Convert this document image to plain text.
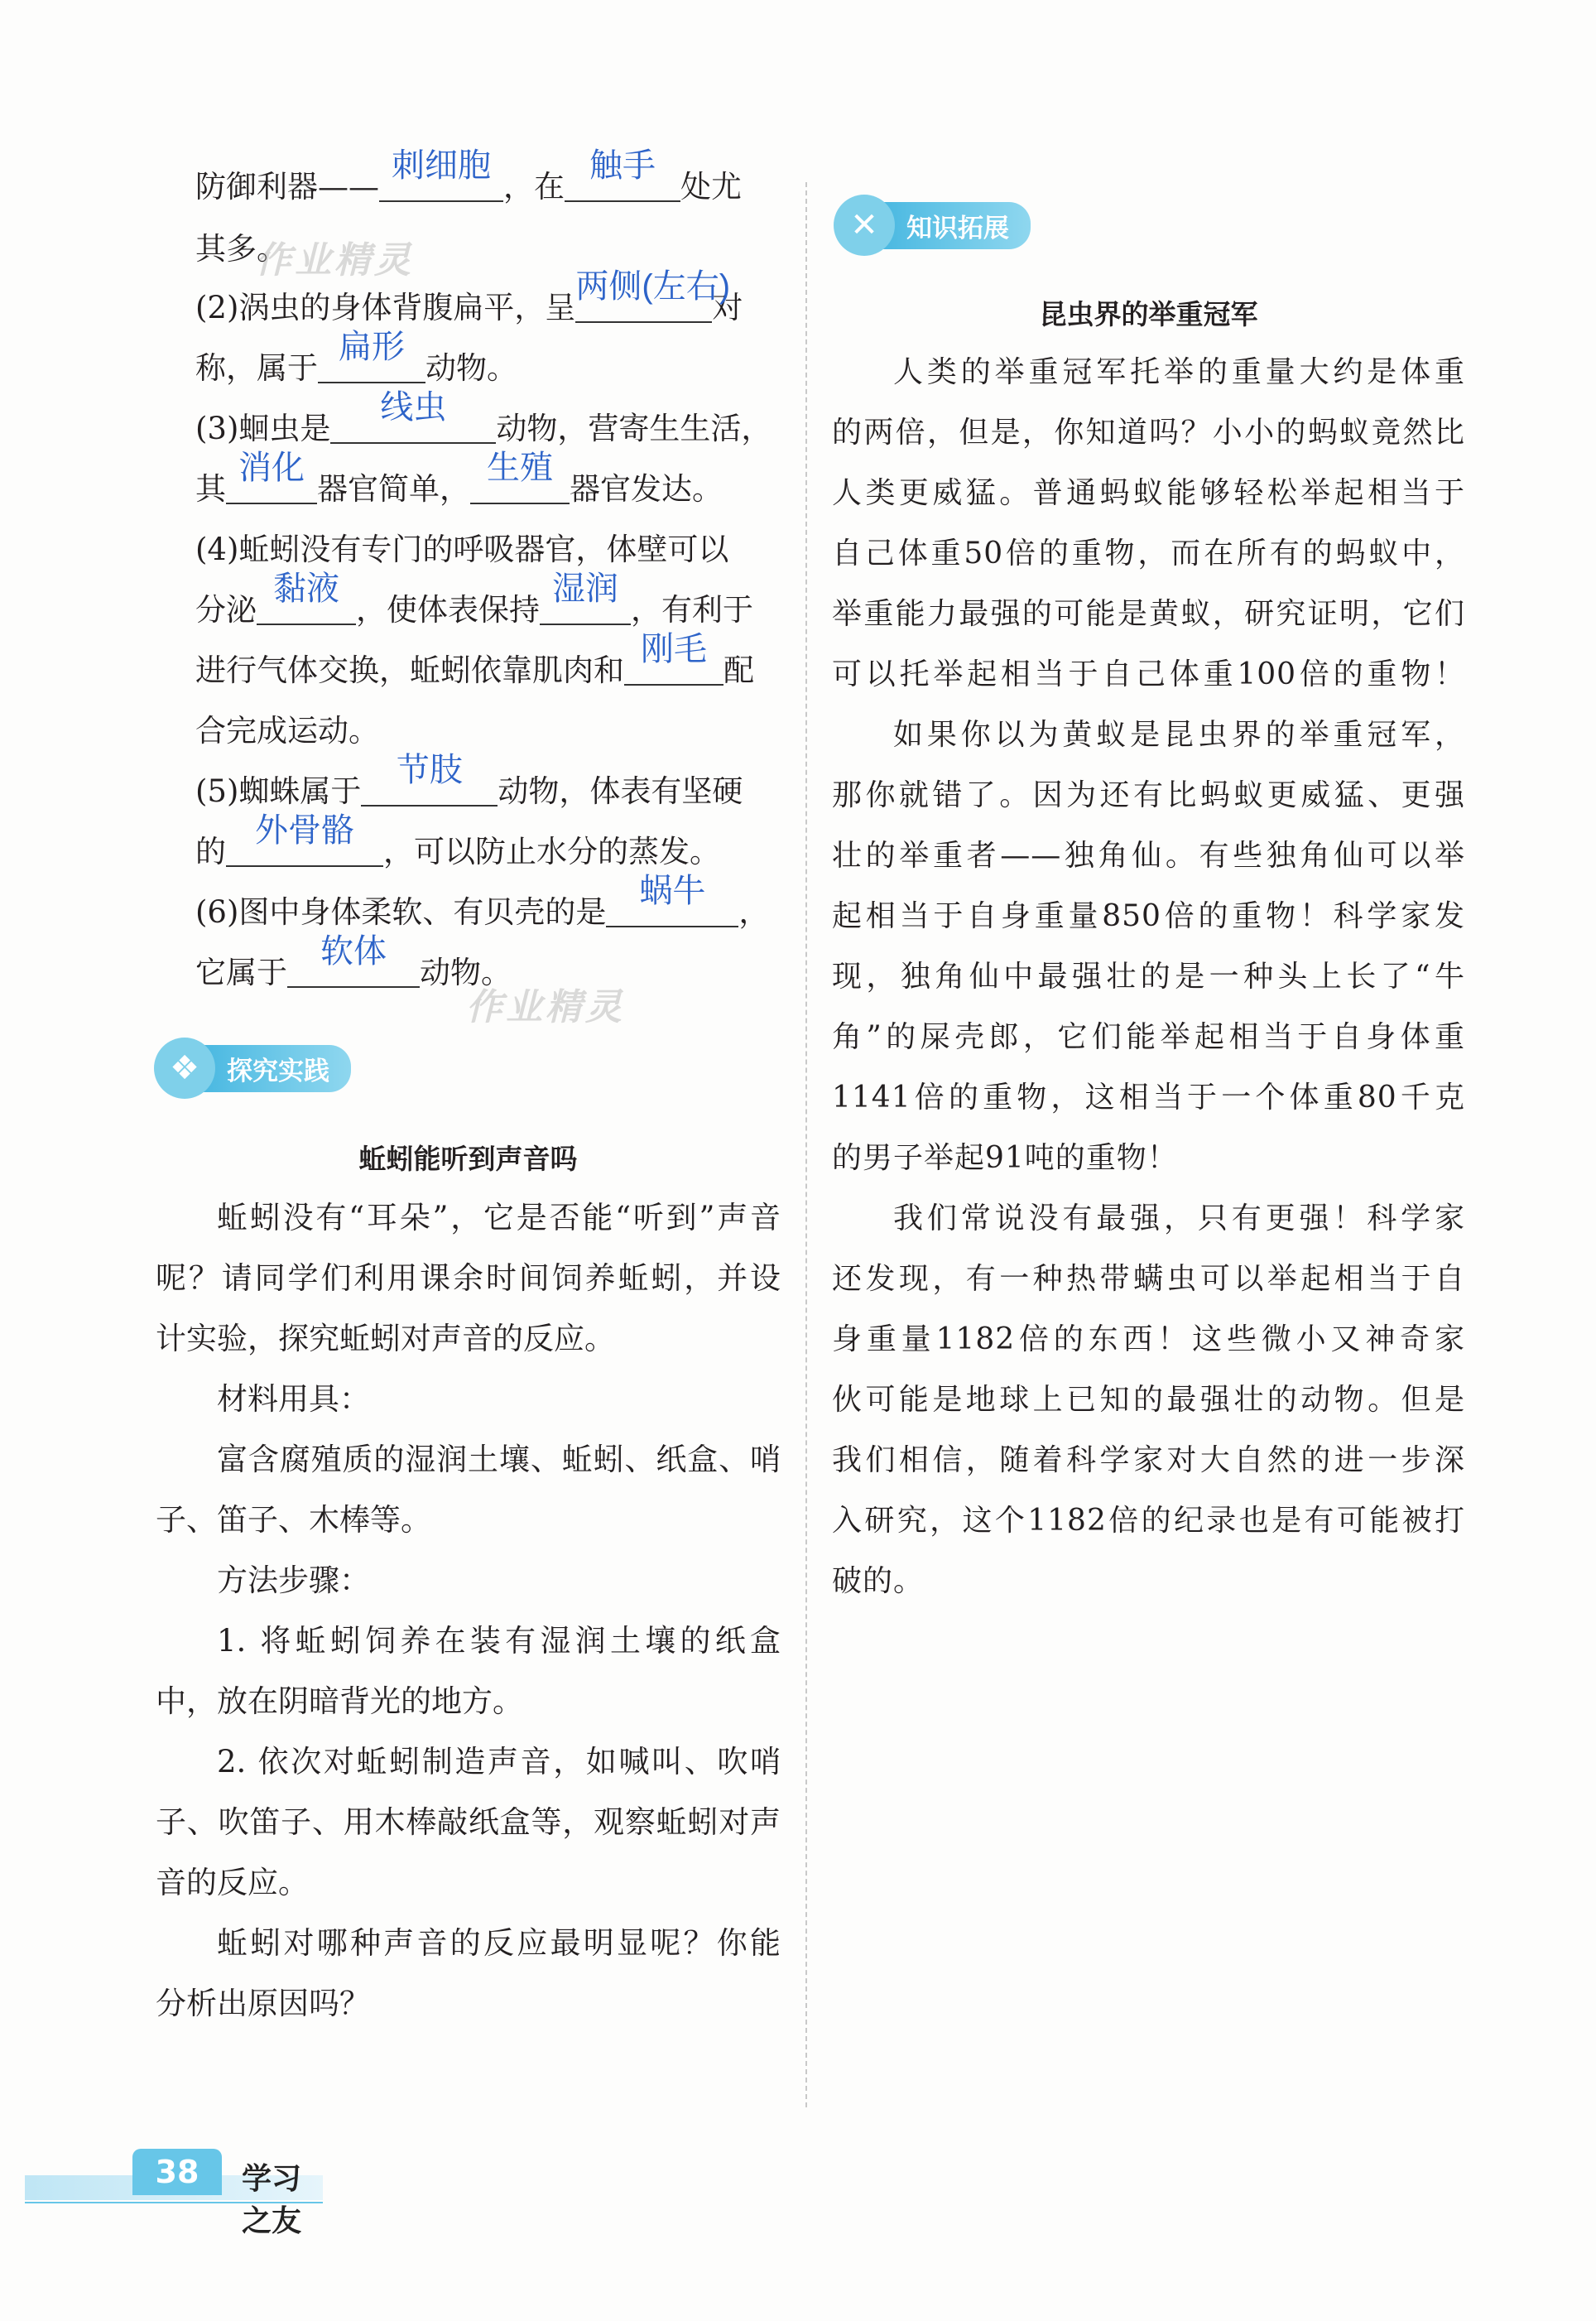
防御利器——
刺细胞
，在
触手
处尤
其多。
作业精灵
(2)涡虫的身体背腹扁平，呈
两侧(左右)
对
称，属于
扁形
动物。
(3)蛔虫是
线虫
动物，营寄生生活，
其
消化
器官简单，
生殖
器官发达。
(4)蚯蚓没有专门的呼吸器官，体壁可以
分泌
黏液
，使体表保持
湿润
，有利于
进行气体交换，蚯蚓依靠肌肉和
刚毛
配
合完成运动。
(5)蜘蛛属于
节肢
动物，体表有坚硬
的
外骨骼
，可以防止水分的蒸发。
(6)图中身体柔软、有贝壳的是
蜗牛
，
它属于
软体
动物。
作业精灵
❖	探究实践
蚯蚓能听到声音吗
蚯蚓没有“耳朵”，它是否能“听到”声音
呢？请同学们利用课余时间饲养蚯蚓，并设
计实验，探究蚯蚓对声音的反应。
材料用具：
富含腐殖质的湿润土壤、蚯蚓、纸盒、哨
子、笛子、木棒等。
方法步骤：
1. 将蚯蚓饲养在装有湿润土壤的纸盒
中，放在阴暗背光的地方。
2. 依次对蚯蚓制造声音，如喊叫、吹哨
子、吹笛子、用木棒敲纸盒等，观察蚯蚓对声
音的反应。
蚯蚓对哪种声音的反应最明显呢？你能
分析出原因吗？
✕	知识拓展
昆虫界的举重冠军
人类的举重冠军托举的重量大约是体重
的两倍，但是，你知道吗？小小的蚂蚁竟然比
人类更威猛。普通蚂蚁能够轻松举起相当于
自己体重50倍的重物，而在所有的蚂蚁中，
举重能力最强的可能是黄蚁，研究证明，它们
可以托举起相当于自己体重100倍的重物！
如果你以为黄蚁是昆虫界的举重冠军，
那你就错了。因为还有比蚂蚁更威猛、更强
壮的举重者——独角仙。有些独角仙可以举
起相当于自身重量850倍的重物！科学家发
现，独角仙中最强壮的是一种头上长了“牛
角”的屎壳郎，它们能举起相当于自身体重
1141倍的重物，这相当于一个体重80千克
的男子举起91吨的重物！
我们常说没有最强，只有更强！科学家
还发现，有一种热带螨虫可以举起相当于自
身重量1182倍的东西！这些微小又神奇家
伙可能是地球上已知的最强壮的动物。但是
我们相信，随着科学家对大自然的进一步深
入研究，这个1182倍的纪录也是有可能被打
破的。
38	学习之友
